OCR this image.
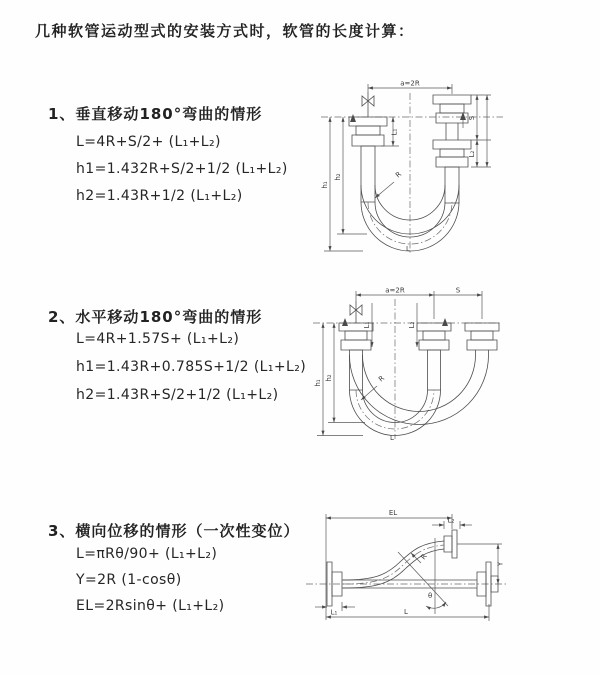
几种软管运动型式的安装方式时，软管的长度计算：
1、垂直移动180°弯曲的情形
L=4R+S/2+ (L₁+L₂)
h1=1.432R+S/2+1/2 (L₁+L₂)
h2=1.43R+1/2 (L₁+L₂)
2、水平移动180°弯曲的情形
L=4R+1.57S+ (L₁+L₂)
h1=1.43R+0.785S+1/2 (L₁+L₂)
h2=1.43R+S/2+1/2 (L₁+L₂)
3、横向位移的情形（一次性变位）
L=πRθ/90+ (L₁+L₂)
Y=2R (1-cosθ)
EL=2Rsinθ+ (L₁+L₂)
a=2R
L₁
S
L₂
h₁
h₂	R
L
a=2R	S
L₁	L₂
h₁
h₂	R
L
EL
L₂
Y
θ
R
L
L₁
